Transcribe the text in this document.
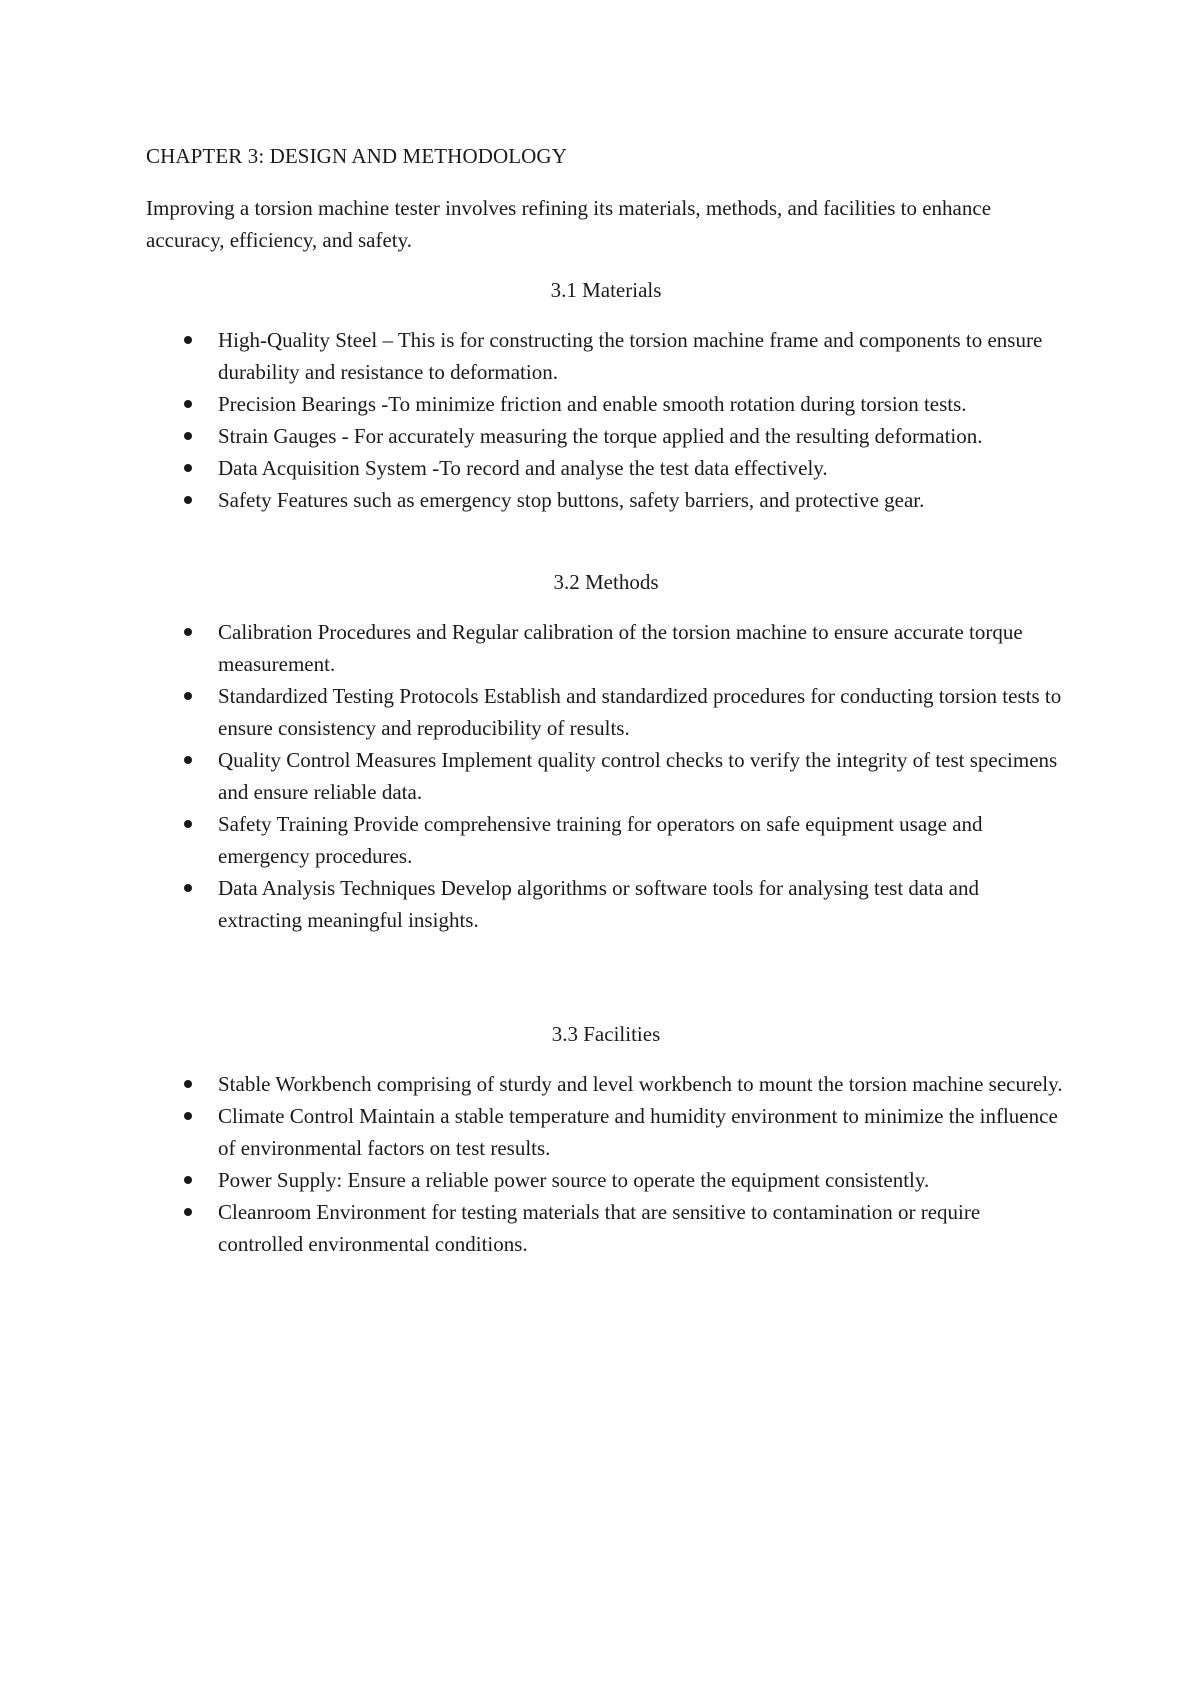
CHAPTER 3: DESIGN AND METHODOLOGY

Improving a torsion machine tester involves refining its materials, methods, and facilities to enhance accuracy, efficiency, and safety.

3.1 Materials
High-Quality Steel – This is for constructing the torsion machine frame and components to ensure durability and resistance to deformation.
Precision Bearings -To minimize friction and enable smooth rotation during torsion tests.
Strain Gauges - For accurately measuring the torque applied and the resulting deformation.
Data Acquisition System -To record and analyse the test data effectively.
Safety Features such as emergency stop buttons, safety barriers, and protective gear.
3.2 Methods
Calibration Procedures and Regular calibration of the torsion machine to ensure accurate torque measurement.
Standardized Testing Protocols Establish and standardized procedures for conducting torsion tests to ensure consistency and reproducibility of results.
Quality Control Measures Implement quality control checks to verify the integrity of test specimens and ensure reliable data.
Safety Training Provide comprehensive training for operators on safe equipment usage and emergency procedures.
Data Analysis Techniques Develop algorithms or software tools for analysing test data and extracting meaningful insights.
3.3 Facilities
Stable Workbench comprising of sturdy and level workbench to mount the torsion machine securely.
Climate Control Maintain a stable temperature and humidity environment to minimize the influence of environmental factors on test results.
Power Supply: Ensure a reliable power source to operate the equipment consistently.
Cleanroom Environment for testing materials that are sensitive to contamination or require controlled environmental conditions.
